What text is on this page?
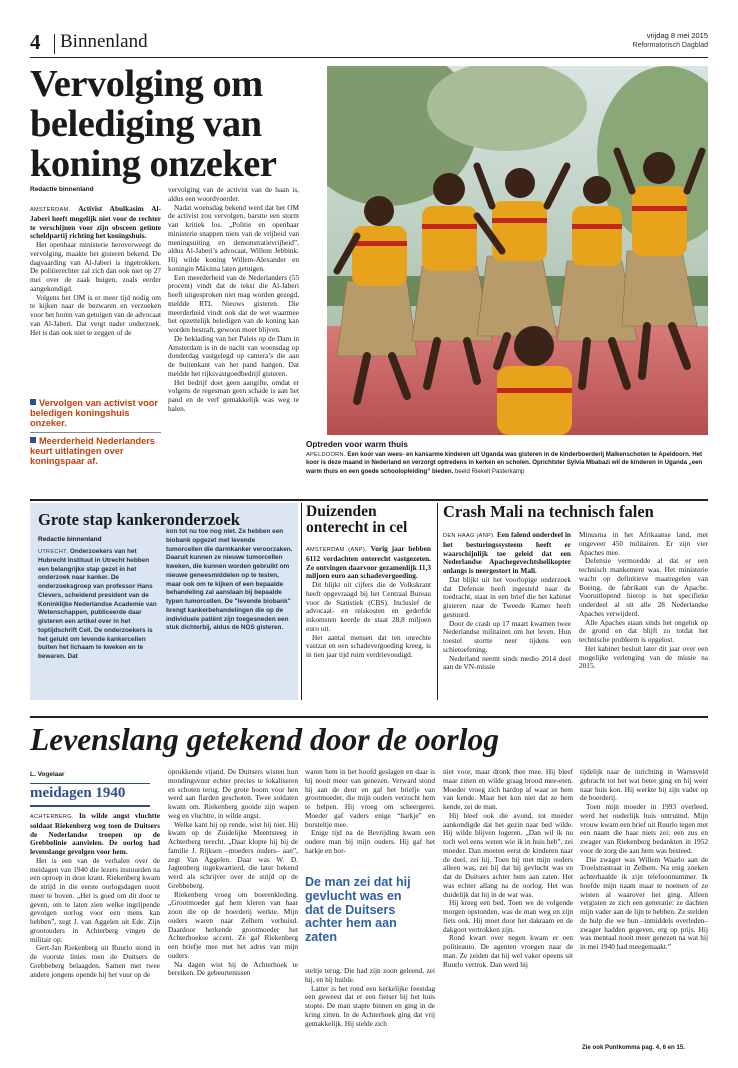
4 Binnenland	vrijdag 8 mei 2015
Reformatorisch Dagblad
Vervolging om belediging van koning onzeker
Redactie binnenland

AMSTERDAM. Activist Abulkasim Al-Jaberi heeft mogelijk niet voor de rechter te verschijnen voor zijn obsceen getinte scheldpartij richting het koningshuis.

Het openbaar ministerie heroverweegt de vervolging, maakte het gisteren bekend. De dagvaarding van Al-Jaberi is ingetrokken. De politierechter zal zich dan ook niet op 27 mei over de zaak buigen, zoals eerder aangekondigd.

Volgens het OM is er meer tijd nodig om te kijken naar de bezwaren en verzoeken voor het horen van getuigen van de advocaat van Al-Jaberi. Dat vergt nader onderzoek. Het is dan ook niet te zeggen of de

Vervolgen van activist voor beledigen koningshuis onzeker.
Meerderheid Nederlanders keurt uitlatingen over koningspaar af.

vervolging van de activist van de baan is, aldus een woordvoerder.

Nadat woensdag bekend werd dat het OM de activist zou vervolgen, barstte een storm van kritiek los. „Politie en openbaar ministerie snappen niets van de vrijheid van meningsuiting en demonstratievrijheid”, aldus Al-Jaberi’s advocaat, Willem Jebbink. Hij wilde koning Willem-Alexander en koningin Máxima laten getuigen.

Een meerderheid van de Nederlanders (55 procent) vindt dat de tekst die Al-Jaberi heeft uitgesproken niet mag worden gezegd, meldde RTL Nieuws gisteren. Die meerderheid vindt ook dat de wet waarmee het opzettelijk beledigen van de koning kan worden bestraft, gewoon moet blijven.

De beklading van het Paleis op de Dam in Amsterdam is in de nacht van woensdag op donderdag vastgelegd op camera’s die aan de buitenkant van het pand hangen. Dat meldde het rijksvastgoedbedrijf gisteren.

Het bedrijf doet geen aangifte, omdat er volgens de regesman geen schade is aan het pand en de verf gemakkelijk was weg te halen.

Optreden voor warm thuis
APELDOORN. Een koor van wees- en kansarme kinderen uit Uganda was gisteren in de kinderboerderij Malkenschoten te Apeldoorn. Het koor is deze maand in Nederland en verzorgt optredens in kerken en scholen. Oprichtster Sylvia Mbabazi wil de kinderen in Uganda „een warm thuis en een goede schoolopleiding” bieden. beeld Riekelt Pasterkamp
Grote stap kankeronderzoek
Redactie binnenland
UTRECHT. Onderzoekers van het Hubrecht Instituut in Utrecht hebben een belangrijke stap gezet in het onderzoek naar kanker. De onderzoeksgroep van professor Hans Clevers, scheidend president van de Koninklijke Nederlandse Academie van Wetenschappen, publiceerde daar gisteren een artikel over in het toptijdschrift Cell. De onderzoekers is het gelukt om levende kankercellen buiten het lichaam te kweken en te bewaren. Dat
kon tot nu toe nog niet. Ze hebben een biobank opgezet met levende tumorcellen die darmkanker veroorzaken. Daaruit kunnen ze nieuwe tumorcellen kweken, die kunnen worden gebruikt om nieuwe geneesmiddelen op te testen, maar ook om te kijken of een bepaalde behandeling zal aanslaan bij bepaalde typen tumorcellen. De "levende biobank" brengt kankerbehandelingen die op de individuele patiënt zijn toegesneden een stuk dichterbij, aldus de NOS gisteren.
Duizenden onterecht in cel

AMSTERDAM (ANP). Vorig jaar hebben 6112 verdachten onterecht vastgezeten. Ze ontvingen daarvoor gezamenlijk 11,3 miljoen euro aan schadevergoeding.

Dit blijkt uit cijfers die de Volkskrant heeft opgevraagd bij het Centraal Bureau voor de Statistiek (CBS). Inclusief de advocaat- en reiskosten en gederfde inkomsten keerde de staat 28,8 miljoen euro uit.

Het aantal mensen dat ten onrechte vastzat en een schadevergoeding kreeg, is in tien jaar tijd ruim verdrievoudigd.

Crash Mali na technisch falen

DEN HAAG (ANP). Een falend onderdeel in het besturingssysteem heeft er waarschijnlijk toe geleid dat een Nederlandse Apachegevechtshelikopter onlangs is neergestort in Mali.

Dat blijkt uit het voorlopige onderzoek dat Defensie heeft ingesteld naar de toedracht, staat in een brief die het kabinet gisteren naar de Tweede Kamer heeft gestuurd.

Door de crash op 17 maart kwamen twee Nederlandse militairen om het leven. Hun toestel stortte neer tijdens een schietoefening.

Nederland neemt sinds medio 2014 deel aan de VN-missie

Minusma in het Afrikaanse land, met ongeveer 450 militairen. Er zijn vier Apaches mee.

Defensie vermoedde al dat er een technisch mankement was. Het ministerie wacht op definitieve maatregelen van Boeing, de fabrikant van de Apache. Vooruitlopend hierop is het specifieke onderdeel al uit alle 28 Nederlandse Apaches verwijderd.

Alle Apaches staan sinds het ongeluk op de grond en dat blijft zo totdat het technische probleem is opgelost.

Het kabinet besluit later dit jaar over een mogelijke verlenging van de missie na 2015.

Levenslang getekend door de oorlog
L. Vogelaar
meidagen 1940

ACHTERBERG. In wilde angst vluchtte soldaat Riekenberg weg toen de Duitsers de Nederlandse troepen op de Grebbelinie aanvielen. De oorlog had levenslange gevolgen voor hem.

Het is een van de verhalen over de meidagen van 1940 die lezers instuurden na een oproep in deze krant. Riekenberg kwam de strijd in die eerste oorlogsdagen nooit meer te boven. „Het is goed om dit door te geven, om te laten zien welke ingrijpende gevolgen oorlog voor een mens kan hebben”, zegt J. van Aggelen uit Ede. Zijn grootouders in Achterberg vingen de militair op.

Gert-Jan Riekenberg uit Ruurlo stond in de voorste linies toen de Duitsers de Grebbeberg belaagden. Samen met twee andere jongens opende hij het vuur op de

oprukkende vijand. De Duitsers wisten hun mondingsvuur echter precies te lokaliseren en schoten terug. De grote boom voor hen werd aan flarden geschoten. Twee soldaten kwam om. Riekenberg gooide zijn wapen weg en vluchtte, in wilde angst.

Welke kant hij op rende, wist hij niet. Hij kwam op de Zuidelijke Meentsteeg in Achterberg terecht. „Daar klopte hij bij de familie J. Rijksen –moeders ouders– aan”, zegt Van Aggelen. Daar was W. D. Jagtenberg ingekwartierd, die later bekend werd als schrijver over de strijd op de Grebbeberg.

Riekenberg vroeg om boerenkleding. „Grootmoeder gaf hem kleren van haar zoon die op de boerderij werkte. Mijn ouders waren naar Zelhem verhuisd. Daardoor herkende grootmoeder het Achterhoekse accent. Ze gaf Riekenberg een briefje mee met het adres van mijn ouders.

Na dagen wist hij de Achterhoek te bereiken. De gebeurtenissen

waren hem in het hoofd geslagen en daar is hij nooit meer van genezen. Verward stond hij aan de deur en gaf het briefje van grootmoeder, die mijn ouders verzocht hem te helpen. Hij vroeg om scheergerei. Moeder gaf vaders enige “harkje” en borsteltje mee.

Enige tijd na de Bevrijding kwam een oudere man bij mijn ouders. Hij gaf het harkje en bor-

De man zei dat hij gevlucht was en dat de Duitsers achter hem aan zaten

steltje terug. Die had zijn zoon geleend, zei hij, en hij huilde.

Latter is het rond een kerkelijke feestdag een geweest dat er een fietser bij het huis stopte. De man stapte binnen en ging in de kring zitten. In de Achterhoek ging dat vrij gemakkelijk. Hij stelde zich

niet voor, maar dronk thee mee. Hij bleef maar zitten en wilde graag brood mee-eten. Moeder vroeg zich hardop af waar ze hem van kende. Maar het kon niet dat ze hem kende, zei de man.

Hij bleef ook die avond, tot moeder aankondigde dat het gezin naar bed wilde. Hij wilde blijven logeren. „Dan wil ik nu toch wel eens weten wie ik in huis heb”, zei moeder. Dan moeten eerst de kinderen naar de deel, zei hij. Toen hij met mijn ouders alleen was, zei hij dat hij gevlucht was en dat de Duitsers achter hem aan zaten. Het was echter allang na de oorlog. Het was duidelijk dat hij in de war was.

Hij kreeg een bed. Toen we de volgende morgen opstonden, was de man weg en zijn fiets ook. Hij moet door het dakraam en de dakgoot vertrokken zijn.

Rond kwart over negen kwam er een politieauto. De agenten vroegen naar de man. Ze zeiden dat hij wel vaker opeens uit Ruurlo vertrok. Dan werd hij

tijdelijk naar de inrichting in Warnsveld gebracht tot het wat beter ging en hij weer naar huis kon. Hij werkte bij zijn vader op de boerderij.

Toen mijn moeder in 1993 overleed, werd het ouderlijk huis ontruimd. Mijn vrouw kwam een brief uit Ruurlo tegen met een naam die haar niets zei: een zus en zwager van Riekenberg bedankten in 1952 voor de zorg die aan hem was besteed.

Die zwager was Willem Waarlo aan de Troelstrastraat in Zelhem. Na enig zoeken achterhaalde ik zijn telefoonnummer. Ik hoefde mijn naam maar te noemen of ze wisten al waarover het ging. Alleen vergisten ze zich een generatie: ze dachten mijn vader aan de lijn te hebben. Ze stelden de hulp die we hun –inmiddels overleden– zwager hadden gegeven, erg op prijs. Hij was mentaal nooit meer genezen na wat hij in mei 1940 had meegemaakt.”

Zie ook Puntkomma pag. 4, 6 en 15.
